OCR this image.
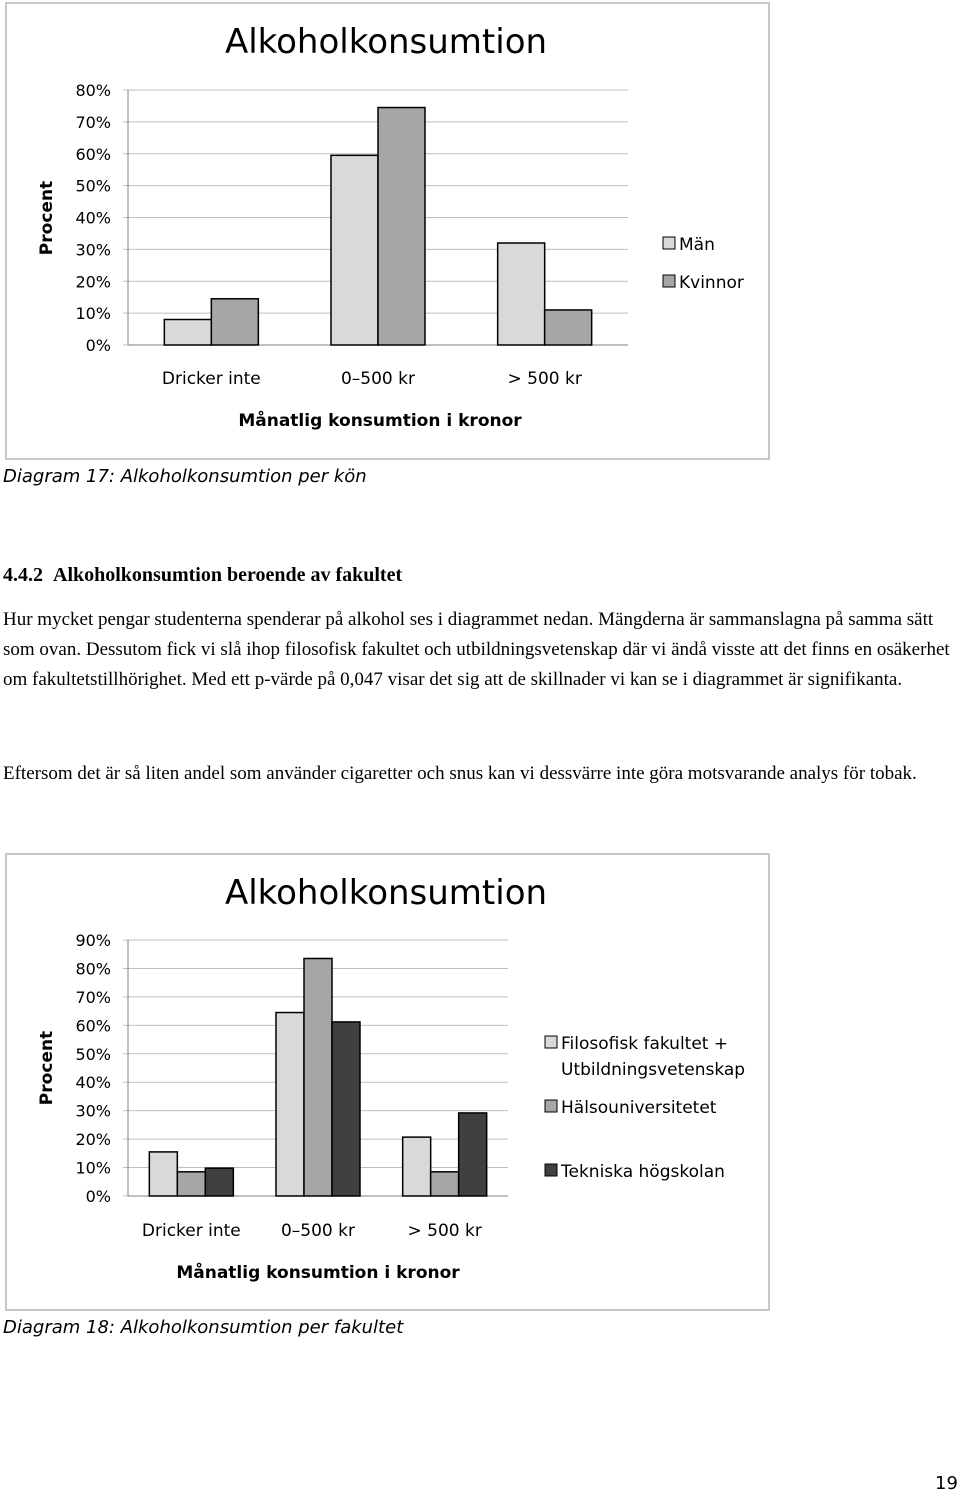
Alkoholkonsumtion
Procent
0%
10%
20%
30%
40%
50%
60%
70%
80%
Dricker inte	0–500 kr	> 500 kr
Månatlig konsumtion i kronor
Män
Kvinnor
Diagram 17: Alkoholkonsumtion per kön
4.4.2 Alkoholkonsumtion beroende av fakultet

Hur mycket pengar studenterna spenderar på alkohol ses i diagrammet nedan. Mängderna är sammanslagna på samma sätt som ovan. Dessutom fick vi slå ihop filosofisk fakultet och utbildningsvetenskap där vi ändå visste att det finns en osäkerhet om fakultetstillhörighet. Med ett p-värde på 0,047 visar det sig att de skillnader vi kan se i diagrammet är signifikanta.

Eftersom det är så liten andel som använder cigaretter och snus kan vi dessvärre inte göra motsvarande analys för tobak.

Alkoholkonsumtion
Procent
0%
10%
20%
30%
40%
50%
60%
70%
80%
90%
Dricker inte 0–500 kr	> 500 kr
Månatlig konsumtion i kronor
Filosofisk fakultet + Utbildningsvetenskap
Hälsouniversitetet
Tekniska högskolan
Diagram 18: Alkoholkonsumtion per fakultet
19
